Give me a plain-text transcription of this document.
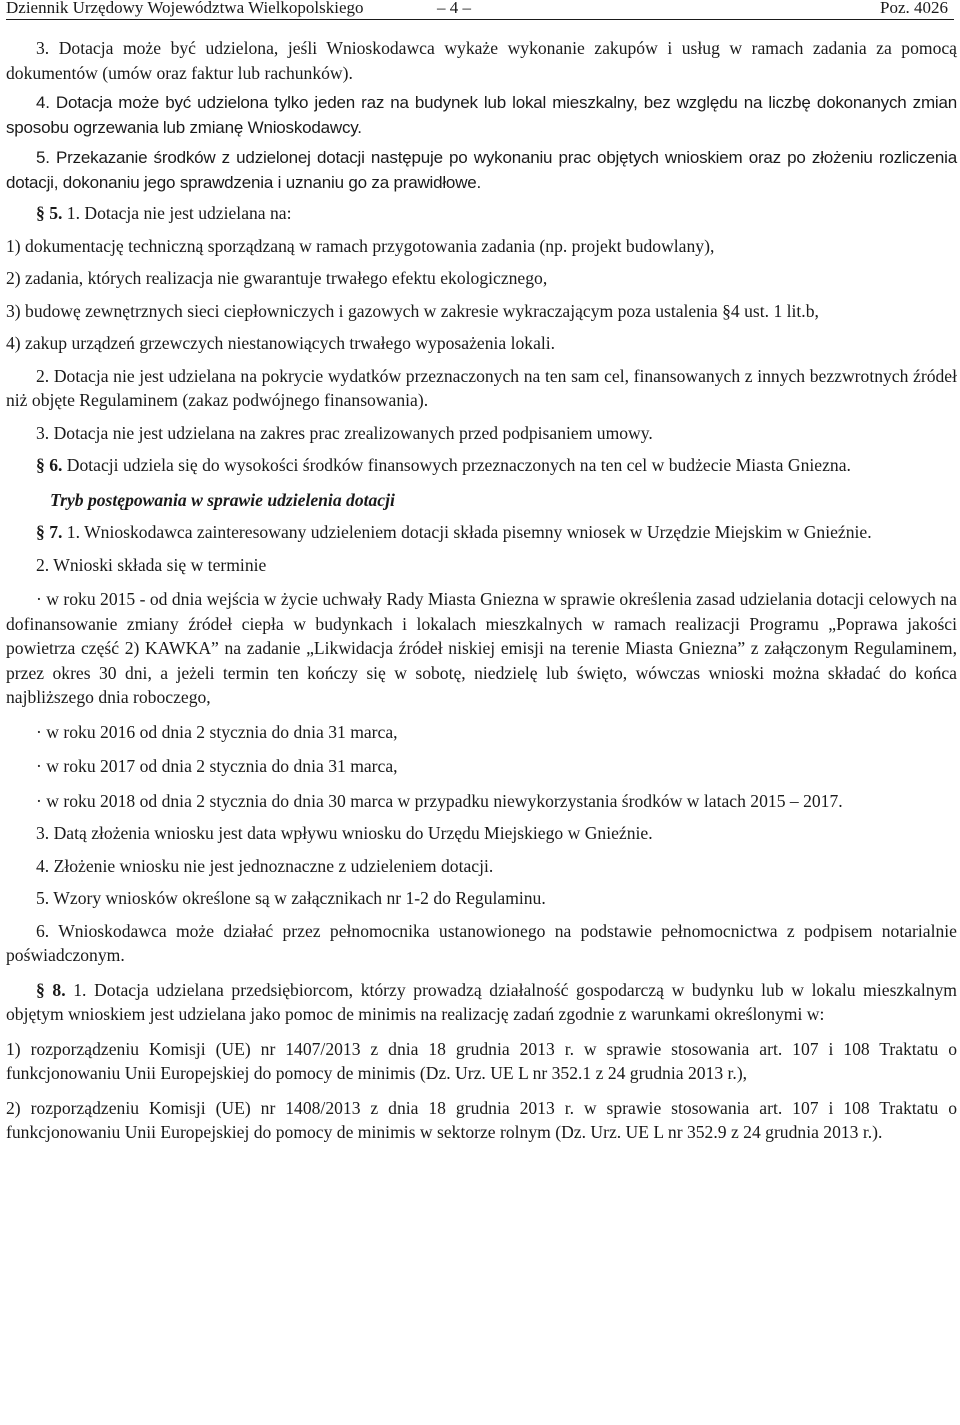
Dziennik Urzędowy Województwa Wielkopolskiego	– 4 –	Poz. 4026

3. Dotacja może być udzielona, jeśli Wnioskodawca wykaże wykonanie zakupów i usług w ramach zadania za pomocą dokumentów (umów oraz faktur lub rachunków).

4. Dotacja może być udzielona tylko jeden raz na budynek lub lokal mieszkalny, bez względu na liczbę dokonanych zmian sposobu ogrzewania lub zmianę Wnioskodawcy.

5. Przekazanie środków z udzielonej dotacji następuje po wykonaniu prac objętych wnioskiem oraz po złożeniu rozliczenia dotacji, dokonaniu jego sprawdzenia i uznaniu go za prawidłowe.

§ 5. 1. Dotacja nie jest udzielana na:

1) dokumentację techniczną sporządzaną w ramach przygotowania zadania (np. projekt budowlany),

2) zadania, których realizacja nie gwarantuje trwałego efektu ekologicznego,

3) budowę zewnętrznych sieci ciepłowniczych i gazowych w zakresie wykraczającym poza ustalenia §4 ust. 1 lit.b,

4) zakup urządzeń grzewczych niestanowiących trwałego wyposażenia lokali.

2. Dotacja nie jest udzielana na pokrycie wydatków przeznaczonych na ten sam cel, finansowanych z innych bezzwrotnych źródeł niż objęte Regulaminem (zakaz podwójnego finansowania).

3. Dotacja nie jest udzielana na zakres prac zrealizowanych przed podpisaniem umowy.

§ 6. Dotacji udziela się do wysokości środków finansowych przeznaczonych na ten cel w budżecie Miasta Gniezna.

Tryb postępowania w sprawie udzielenia dotacji

§ 7. 1. Wnioskodawca zainteresowany udzieleniem dotacji składa pisemny wniosek w Urzędzie Miejskim w Gnieźnie.

2. Wnioski składa się w terminie

· w roku 2015 - od dnia wejścia w życie uchwały Rady Miasta Gniezna w sprawie określenia zasad udzielania dotacji celowych na dofinansowanie zmiany źródeł ciepła w budynkach i lokalach mieszkalnych w ramach realizacji Programu „Poprawa jakości powietrza część 2) KAWKA” na zadanie „Likwidacja źródeł niskiej emisji na terenie Miasta Gniezna” z załączonym Regulaminem, przez okres 30 dni, a jeżeli termin ten kończy się w sobotę, niedzielę lub święto, wówczas wnioski można składać do końca najbliższego dnia roboczego,

· w roku 2016 od dnia 2 stycznia do dnia 31 marca,

· w roku 2017 od dnia 2 stycznia do dnia 31 marca,

· w roku 2018 od dnia 2 stycznia do dnia 30 marca w przypadku niewykorzystania środków w latach 2015 – 2017.

3. Datą złożenia wniosku jest data wpływu wniosku do Urzędu Miejskiego w Gnieźnie.

4. Złożenie wniosku nie jest jednoznaczne z udzieleniem dotacji.

5. Wzory wniosków określone są w załącznikach nr 1-2 do Regulaminu.

6. Wnioskodawca może działać przez pełnomocnika ustanowionego na podstawie pełnomocnictwa z podpisem notarialnie poświadczonym.

§ 8. 1. Dotacja udzielana przedsiębiorcom, którzy prowadzą działalność gospodarczą w budynku lub w lokalu mieszkalnym objętym wnioskiem jest udzielana jako pomoc de minimis na realizację zadań zgodnie z warunkami określonymi w:

1) rozporządzeniu Komisji (UE) nr 1407/2013 z dnia 18 grudnia 2013 r. w sprawie stosowania art. 107 i 108 Traktatu o funkcjonowaniu Unii Europejskiej do pomocy de minimis (Dz. Urz. UE L nr 352.1 z 24 grudnia 2013 r.),

2) rozporządzeniu Komisji (UE) nr 1408/2013 z dnia 18 grudnia 2013 r. w sprawie stosowania art. 107 i 108 Traktatu o funkcjonowaniu Unii Europejskiej do pomocy de minimis w sektorze rolnym (Dz. Urz. UE L nr 352.9 z 24 grudnia 2013 r.).
